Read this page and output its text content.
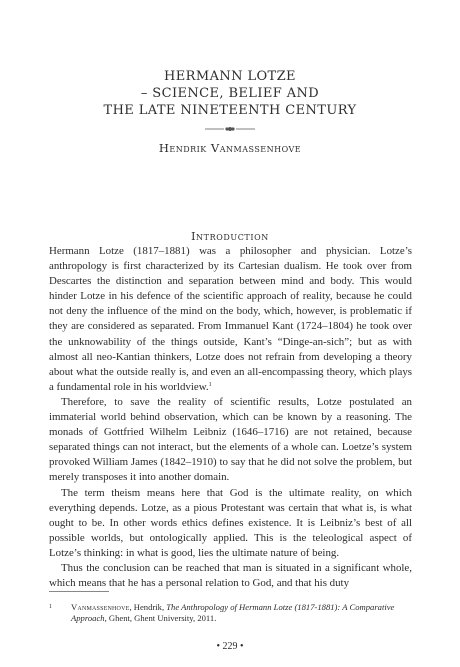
HERMANN LOTZE
– SCIENCE, BELIEF AND
THE LATE NINETEENTH CENTURY
Hendrik Vanmassenhove
Introduction

Hermann Lotze (1817–1881) was a philosopher and physician. Lotze’s anthropology is first characterized by its Cartesian dualism. He took over from Descartes the distinction and separation between mind and body. This would hinder Lotze in his defence of the scientific approach of reality, because he could not deny the influence of the mind on the body, which, however, is problematic if they are considered as separated. From Immanuel Kant (1724–1804) he took over the unknowability of the things outside, Kant’s “Dinge-an-sich”; but as with almost all neo-Kantian thinkers, Lotze does not refrain from developing a theory about what the outside really is, and even an all-encompassing theory, which plays a fundamental role in his worldview.$^1$

Therefore, to save the reality of scientific results, Lotze postulated an immaterial world behind observation, which can be known by a reasoning. The monads of Gottfried Wilhelm Leibniz (1646–1716) are not retained, because separated things can not interact, but the elements of a whole can. Loetze’s system provoked William James (1842–1910) to say that he did not solve the problem, but merely transposes it into another domain.

The term theism means here that God is the ultimate reality, on which everything depends. Lotze, as a pious Protestant was certain that what is, is what ought to be. In other words ethics defines existence. It is Leibniz’s best of all possible worlds, but ontologically applied. This is the teleological aspect of Lotze’s thinking: in what is good, lies the ultimate nature of being.

Thus the conclusion can be reached that man is situated in a significant whole, which means that he has a personal relation to God, and that his duty

1 Vanmassenhove, Hendrik, The Anthropology of Hermann Lotze (1817-1881): A Comparative Approach, Ghent, Ghent University, 2011.
• 229 •
